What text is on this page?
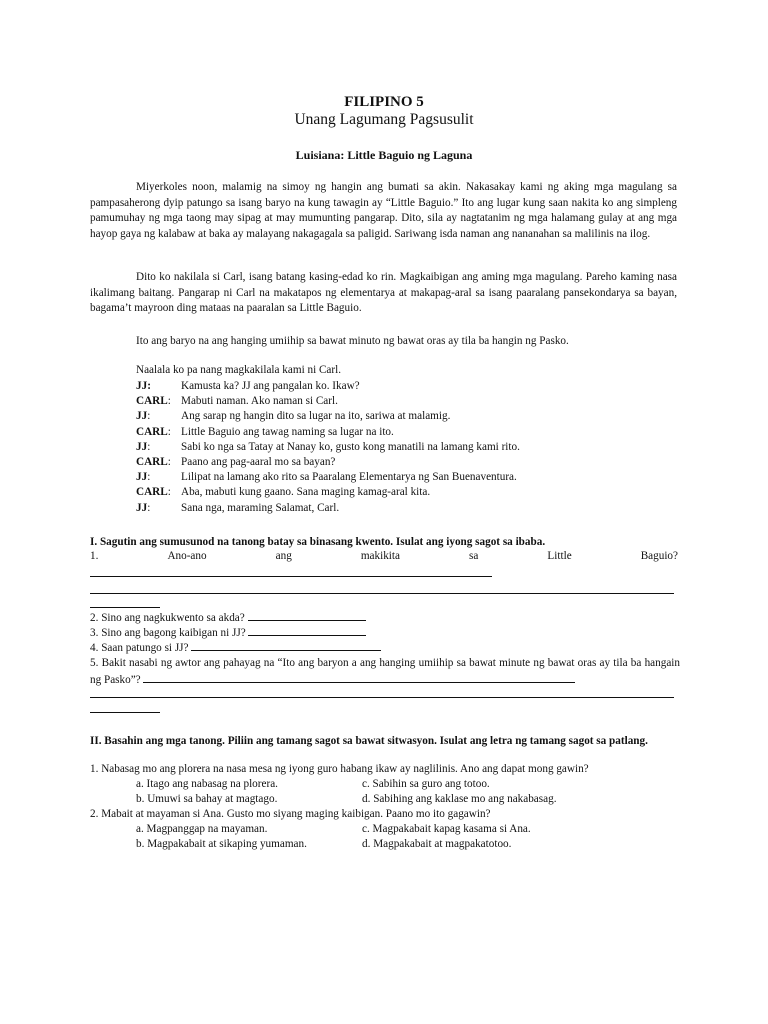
FILIPINO 5
Unang Lagumang Pagsusulit
Luisiana: Little Baguio ng Laguna

Miyerkoles noon, malamig na simoy ng hangin ang bumati sa akin. Nakasakay kami ng aking mga magulang sa pampasaherong dyip patungo sa isang baryo na kung tawagin ay “Little Baguio.” Ito ang lugar kung saan nakita ko ang simpleng pamumuhay ng mga taong may sipag at may mumunting pangarap. Dito, sila ay nagtatanim ng mga halamang gulay at ang mga hayop gaya ng kalabaw at baka ay malayang nakagagala sa paligid. Sariwang isda naman ang nananahan sa malilinis na ilog.

Dito ko nakilala si Carl, isang batang kasing-edad ko rin. Magkaibigan ang aming mga magulang. Pareho kaming nasa ikalimang baitang. Pangarap ni Carl na makatapos ng elementarya at makapag-aral sa isang paaralang pansekondarya sa bayan, bagama’t mayroon ding mataas na paaralan sa Little Baguio.

Ito ang baryo na ang hanging umiihip sa bawat minuto ng bawat oras ay tila ba hangin ng Pasko.

Naalala ko pa nang magkakilala kami ni Carl.
JJ:	Kamusta ka? JJ ang pangalan ko. Ikaw?
CARL: Mabuti naman. Ako naman si Carl.
JJ:	Ang sarap ng hangin dito sa lugar na ito, sariwa at malamig.
CARL: Little Baguio ang tawag naming sa lugar na ito.
JJ:	Sabi ko nga sa Tatay at Nanay ko, gusto kong manatili na lamang kami rito.
CARL: Paano ang pag-aaral mo sa bayan?
JJ:	Lilipat na lamang ako rito sa Paaralang Elementarya ng San Buenaventura.
CARL: Aba, mabuti kung gaano. Sana maging kamag-aral kita.
JJ:	Sana nga, maraming Salamat, Carl.
I. Sagutin ang sumusunod na tanong batay sa binasang kwento. Isulat ang iyong sagot sa ibaba.
1.	Ano-ano	ang	makikita	sa	Little	Baguio?
2. Sino ang nagkukwento sa akda?
3. Sino ang bagong kaibigan ni JJ?
4. Saan patungo si JJ?
5. Bakit nasabi ng awtor ang pahayag na “Ito ang baryon a ang hanging umiihip sa bawat minute ng bawat oras ay tila ba hangain ng Pasko”?
II. Basahin ang mga tanong. Piliin ang tamang sagot sa bawat sitwasyon. Isulat ang letra ng tamang sagot sa patlang.
1. Nabasag mo ang plorera na nasa mesa ng iyong guro habang ikaw ay naglilinis. Ano ang dapat mong gawin?
a. Itago ang nabasag na plorera.	c. Sabihin sa guro ang totoo.
b. Umuwi sa bahay at magtago.	d. Sabihing ang kaklase mo ang nakabasag.
2. Mabait at mayaman si Ana. Gusto mo siyang maging kaibigan. Paano mo ito gagawin?
a. Magpanggap na mayaman.	c. Magpakabait kapag kasama si Ana.
b. Magpakabait at sikaping yumaman.	d. Magpakabait at magpakatotoo.
